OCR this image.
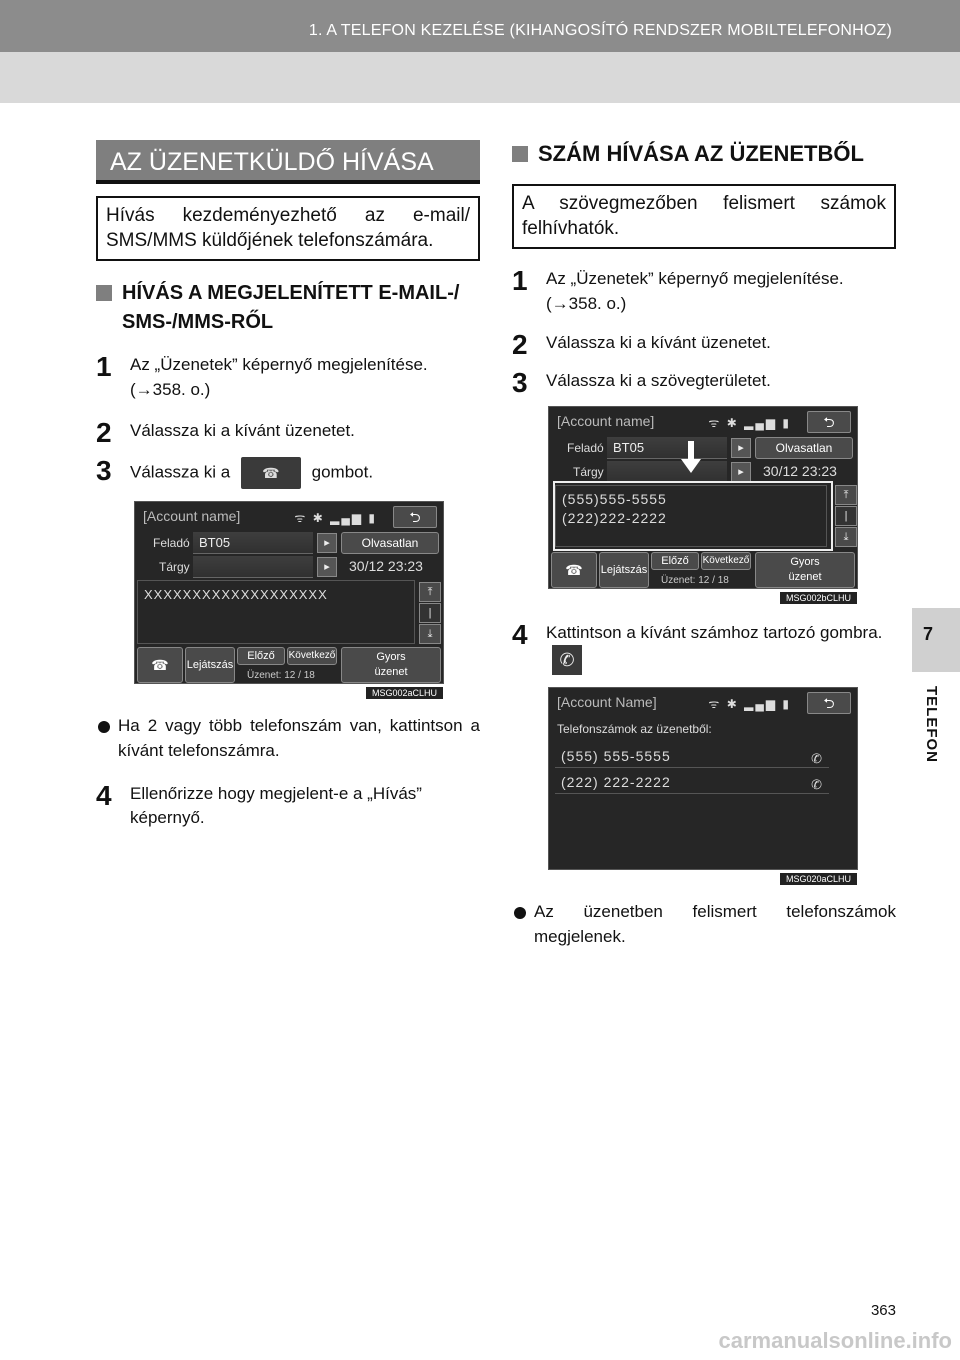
1. A TELEFON KEZELÉSE (KIHANGOSÍTÓ RENDSZER MOBILTELEFONHOZ)
7
TELEFON
AZ ÜZENETKÜLDŐ HÍVÁSA
Hívás kezdeményezhető az e-mail/ SMS/MMS küldőjének telefonszámára.
HÍVÁS A MEGJELENÍTETT E-MAIL-/ SMS-/MMS-RŐL
1 Az „Üzenetek” képernyő megjelenítése. (→358. o.)
2 Válassza ki a kívánt üzenetet.
3 Válassza ki a ☎ gombot.
[Account name]	ᯤ ✱ ▂▄▆ ▮	⮌
Feladó BT05	▸	Olvasatlan
Tárgy	▸	30/12 23:23
XXXXXXXXXXXXXXXXXXX	⤒
|
⤓
☎	Lejátszás
Előző	Következő
Üzenet: 12 / 18
Gyors
üzenet
MSG002aCLHU
Ha 2 vagy több telefonszám van, kattintson a kívánt telefonszámra.
4 Ellenőrizze hogy megjelent-e a „Hívás” képernyő.
SZÁM HÍVÁSA AZ ÜZENETBŐL
A szövegmezőben felismert számok felhívhatók.
1 Az „Üzenetek” képernyő megjelenítése. (→358. o.)
2 Válassza ki a kívánt üzenetet.
3 Válassza ki a szövegterületet.
[Account name]	ᯤ ✱ ▂▄▆ ▮	⮌
Feladó BT05	▸	Olvasatlan
Tárgy	▸	30/12 23:23
(555)555-5555
(222)222-2222
⤒
|
⤓
☎	Lejátszás
Előző	Következő
Üzenet: 12 / 18
Gyors
üzenet
MSG002bCLHU
4 Kattintson a kívánt számhoz tartozó gombra. ✆
[Account Name]	ᯤ ✱ ▂▄▆ ▮	⮌
Telefonszámok az üzenetből:
(555) 555-5555	✆
(222) 222-2222	✆
MSG020aCLHU
Az üzenetben felismert telefonszámok megjelenek.
363
carmanualsonline.info
